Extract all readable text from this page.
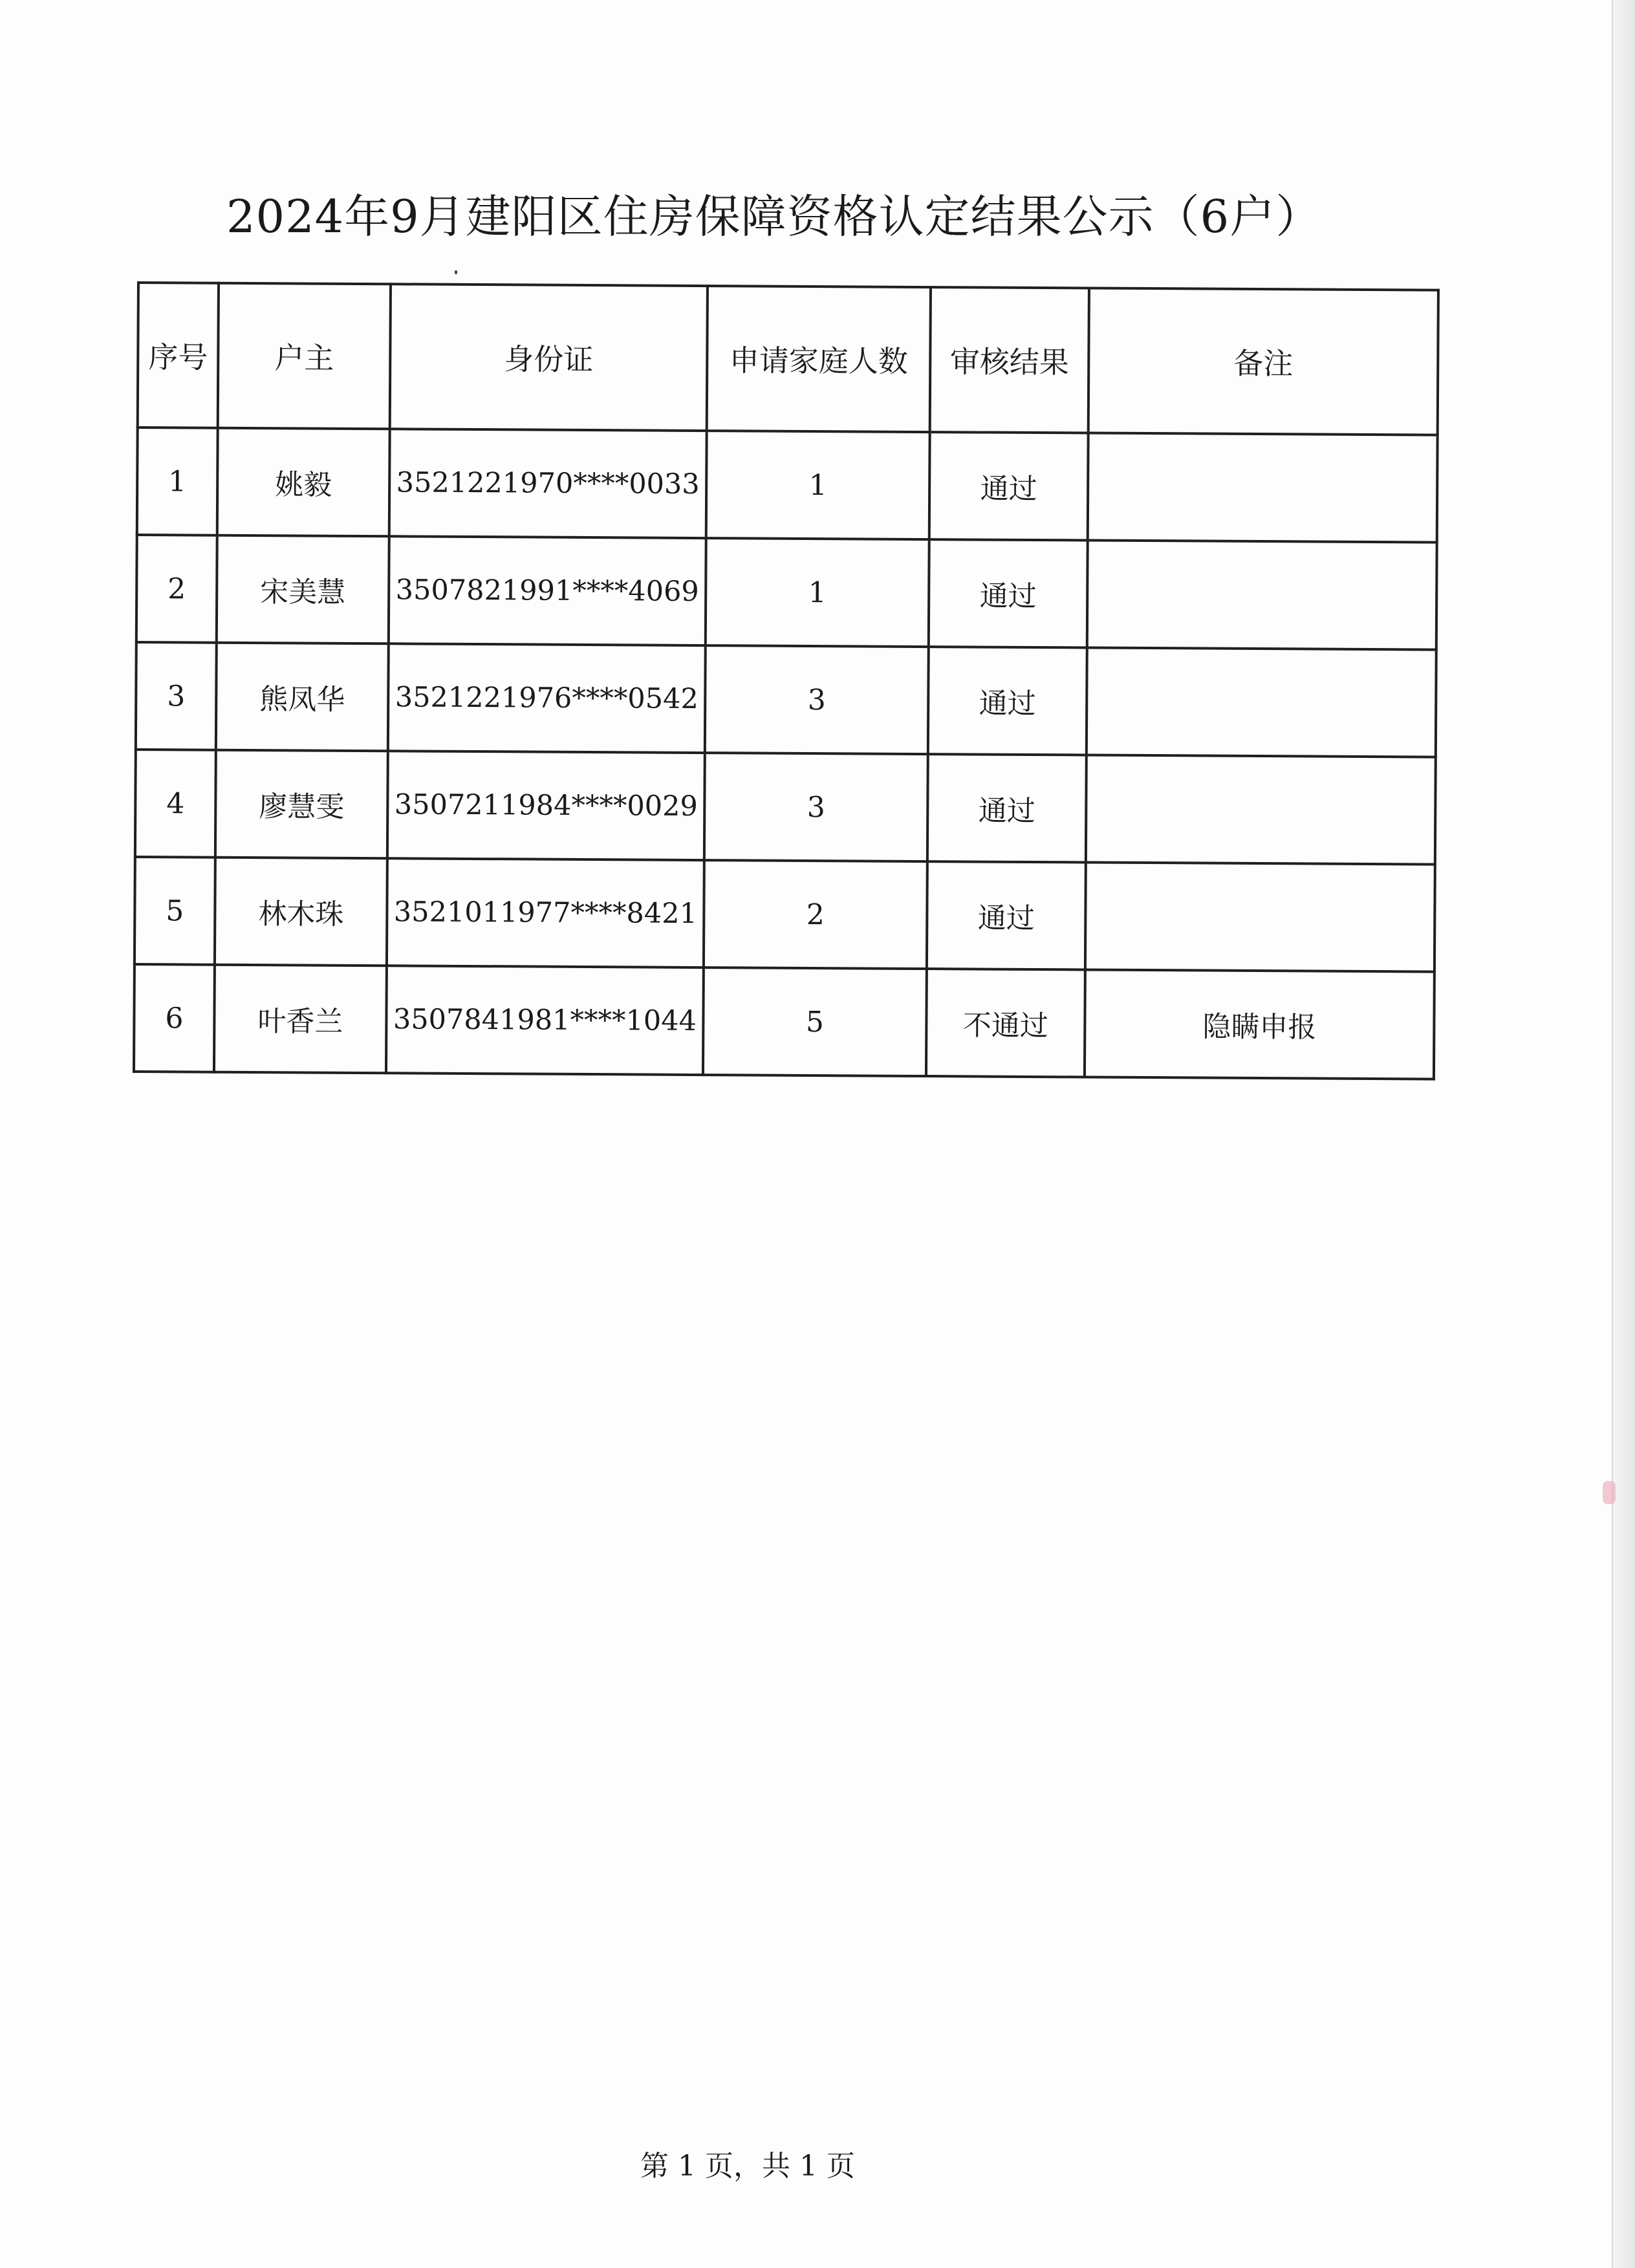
2024年9月建阳区住房保障资格认定结果公示（6户）
序号	户主	身份证	申请家庭人数	审核结果	备注
1	姚毅	3521221970****0033	1	通过	
2	宋美慧	3507821991****4069	1	通过	
3	熊凤华	3521221976****0542	3	通过	
4	廖慧雯	3507211984****0029	3	通过	
5	林木珠	3521011977****8421	2	通过	
6	叶香兰	3507841981****1044	5	不通过	隐瞒申报
第 1 页，共 1 页
